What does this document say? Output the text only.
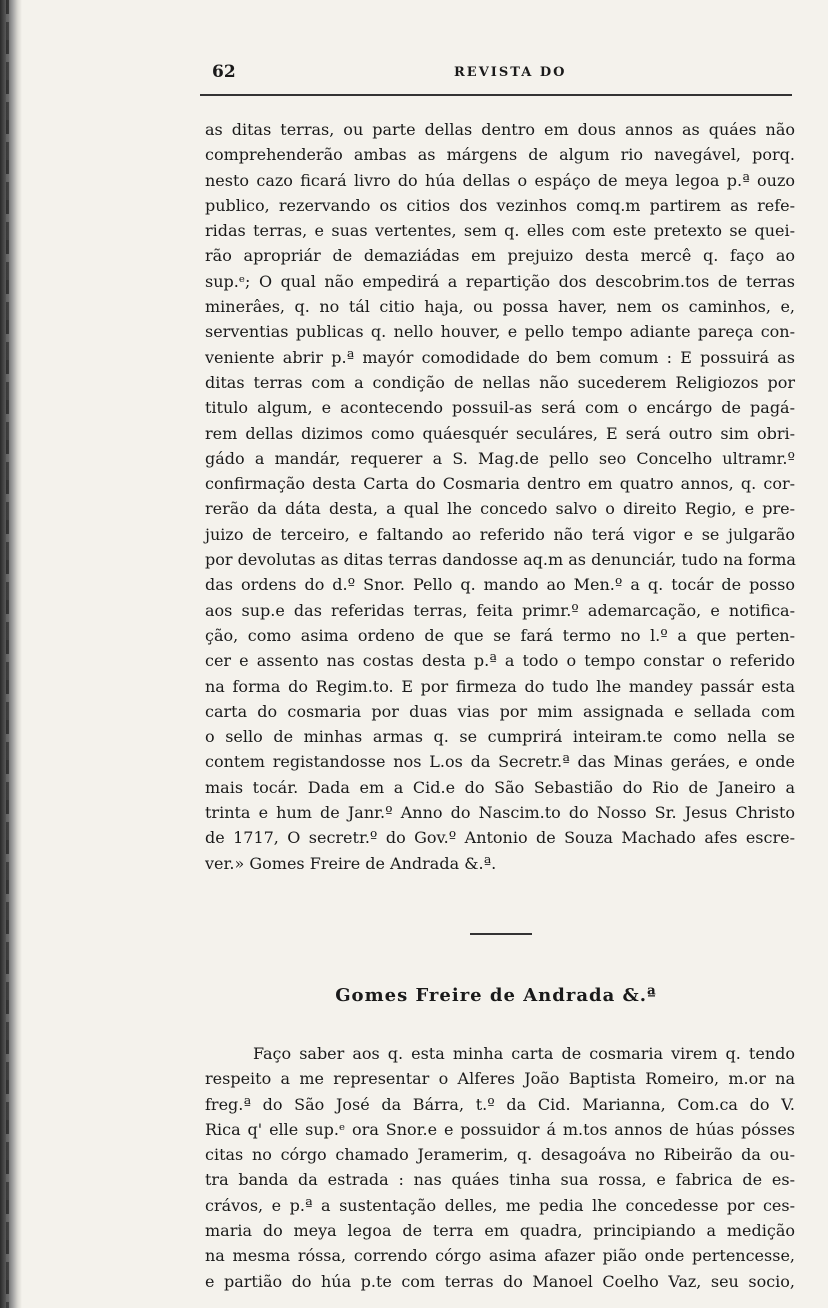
62	REVISTA DO
as ditas terras, ou parte dellas dentro em dous annos as quáes não
comprehenderão ambas as márgens de algum rio navegável, porq.
nesto cazo ficará livro do húa dellas o espáço de meya legoa p.ª ouzo
publico, rezervando os citios dos vezinhos comq.m partirem as refe-
ridas terras, e suas vertentes, sem q. elles com este pretexto se quei-
rão apropriár de demaziádas em prejuizo desta mercê q. faço ao
sup.ᵉ; O qual não empedirá a repartição dos descobrim.tos de terras
minerâes, q. no tál citio haja, ou possa haver, nem os caminhos, e,
serventias publicas q. nello houver, e pello tempo adiante pareça con-
veniente abrir p.ª mayór comodidade do bem comum : E possuirá as
ditas terras com a condição de nellas não sucederem Religiozos por
titulo algum, e acontecendo possuil-as será com o encárgo de pagá-
rem dellas dizimos como quáesquér seculáres, E será outro sim obri-
gádo a mandár, requerer a S. Mag.de pello seo Concelho ultramr.º
confirmação desta Carta do Cosmaria dentro em quatro annos, q. cor-
rerão da dáta desta, a qual lhe concedo salvo o direito Regio, e pre-
juizo de terceiro, e faltando ao referido não terá vigor e se julgarão
por devolutas as ditas terras dandosse aq.m as denunciár, tudo na forma
das ordens do d.º Snor. Pello q. mando ao Men.º a q. tocár de posso
aos sup.e das referidas terras, feita primr.º ademarcação, e notifica-
ção, como asima ordeno de que se fará termo no l.º a que perten-
cer e assento nas costas desta p.ª a todo o tempo constar o referido
na forma do Regim.to. E por firmeza do tudo lhe mandey passár esta
carta do cosmaria por duas vias por mim assignada e sellada com
o sello de minhas armas q. se cumprirá inteiram.te como nella se
contem registandosse nos L.os da Secretr.ª das Minas geráes, e onde
mais tocár. Dada em a Cid.e do São Sebastião do Rio de Janeiro a
trinta e hum de Janr.º Anno do Nascim.to do Nosso Sr. Jesus Christo
de 1717, O secretr.º do Gov.º Antonio de Souza Machado afes escre-
ver.» Gomes Freire de Andrada &.ª.
Gomes Freire de Andrada &.ª
Faço saber aos q. esta minha carta de cosmaria virem q. tendo
respeito a me representar o Alferes João Baptista Romeiro, m.or na
freg.ª do São José da Bárra, t.º da Cid. Marianna, Com.ca do V.
Rica q' elle sup.ᵉ ora Snor.e e possuidor á m.tos annos de húas pósses
citas no córgo chamado Jeramerim, q. desagoáva no Ribeirão da ou-
tra banda da estrada : nas quáes tinha sua rossa, e fabrica de es-
crávos, e p.ª a sustentação delles, me pedia lhe concedesse por ces-
maria do meya legoa de terra em quadra, principiando a medição
na mesma róssa, correndo córgo asima afazer pião onde pertencesse,
e partião do húa p.te com terras do Manoel Coelho Vaz, seu socio,
